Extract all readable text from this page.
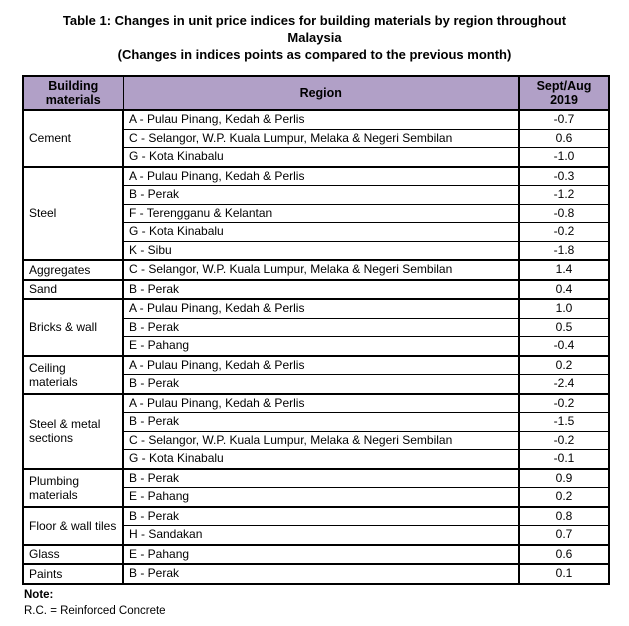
Table 1: Changes in unit price indices for building materials by region throughout
Malaysia
(Changes in indices points as compared to the previous month)
Building materials	Region	Sept/Aug 2019
Cement	A - Pulau Pinang, Kedah & Perlis	-0.7
	C - Selangor, W.P. Kuala Lumpur, Melaka & Negeri Sembilan	0.6
	G - Kota Kinabalu	-1.0
Steel	A - Pulau Pinang, Kedah & Perlis	-0.3
	B - Perak	-1.2
	F - Terengganu & Kelantan	-0.8
	G - Kota Kinabalu	-0.2
	K - Sibu	-1.8
Aggregates	C - Selangor, W.P. Kuala Lumpur, Melaka & Negeri Sembilan	1.4
Sand	B - Perak	0.4
Bricks & wall	A - Pulau Pinang, Kedah & Perlis	1.0
	B - Perak	0.5
	E - Pahang	-0.4
Ceiling materials	A - Pulau Pinang, Kedah & Perlis	0.2
	B - Perak	-2.4
Steel & metal sections	A - Pulau Pinang, Kedah & Perlis	-0.2
	B - Perak	-1.5
	C - Selangor, W.P. Kuala Lumpur, Melaka & Negeri Sembilan	-0.2
	G - Kota Kinabalu	-0.1
Plumbing materials	B - Perak	0.9
	E - Pahang	0.2
Floor & wall tiles	B - Perak	0.8
	H - Sandakan	0.7
Glass	E - Pahang	0.6
Paints	B - Perak	0.1
Note:
R.C. = Reinforced Concrete
